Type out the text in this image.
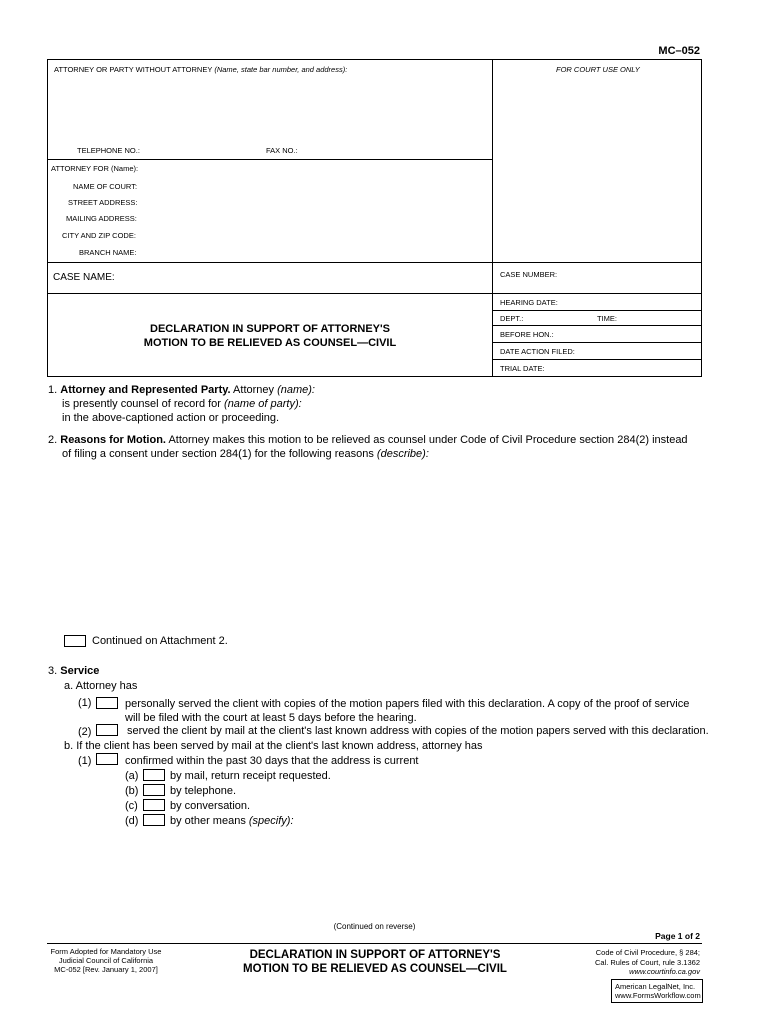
MC–052
ATTORNEY OR PARTY WITHOUT ATTORNEY (Name, state bar number, and address):	FOR COURT USE ONLY
TELEPHONE NO.:	FAX NO.:
ATTORNEY FOR (Name):
NAME OF COURT:
STREET ADDRESS:
MAILING ADDRESS:
CITY AND ZIP CODE:
BRANCH NAME:
CASE NAME:	CASE NUMBER:
HEARING DATE:
DEPT.:	TIME:
BEFORE HON.:
DATE ACTION FILED:
TRIAL DATE:
DECLARATION IN SUPPORT OF ATTORNEY'S
MOTION TO BE RELIEVED AS COUNSEL—CIVIL
1. Attorney and Represented Party. Attorney (name):
is presently counsel of record for (name of party):
in the above-captioned action or proceeding.
2. Reasons for Motion. Attorney makes this motion to be relieved as counsel under Code of Civil Procedure section 284(2) instead
of filing a consent under section 284(1) for the following reasons (describe):
Continued on Attachment 2.
3. Service
a. Attorney has
(1)	personally served the client with copies of the motion papers filed with this declaration. A copy of the proof of service
will be filed with the court at least 5 days before the hearing.
(2)	served the client by mail at the client's last known address with copies of the motion papers served with this declaration.
b. If the client has been served by mail at the client's last known address, attorney has
(1)	confirmed within the past 30 days that the address is current
(a)	by mail, return receipt requested.
(b)	by telephone.
(c)	by conversation.
(d)	by other means (specify):
(Continued on reverse)
Page 1 of 2
Form Adopted for Mandatory Use
Judicial Council of California
MC-052 [Rev. January 1, 2007]
DECLARATION IN SUPPORT OF ATTORNEY'S
MOTION TO BE RELIEVED AS COUNSEL—CIVIL
Code of Civil Procedure, § 284;
Cal. Rules of Court, rule 3.1362
www.courtinfo.ca.gov
American LegalNet, Inc.
www.FormsWorkflow.com
